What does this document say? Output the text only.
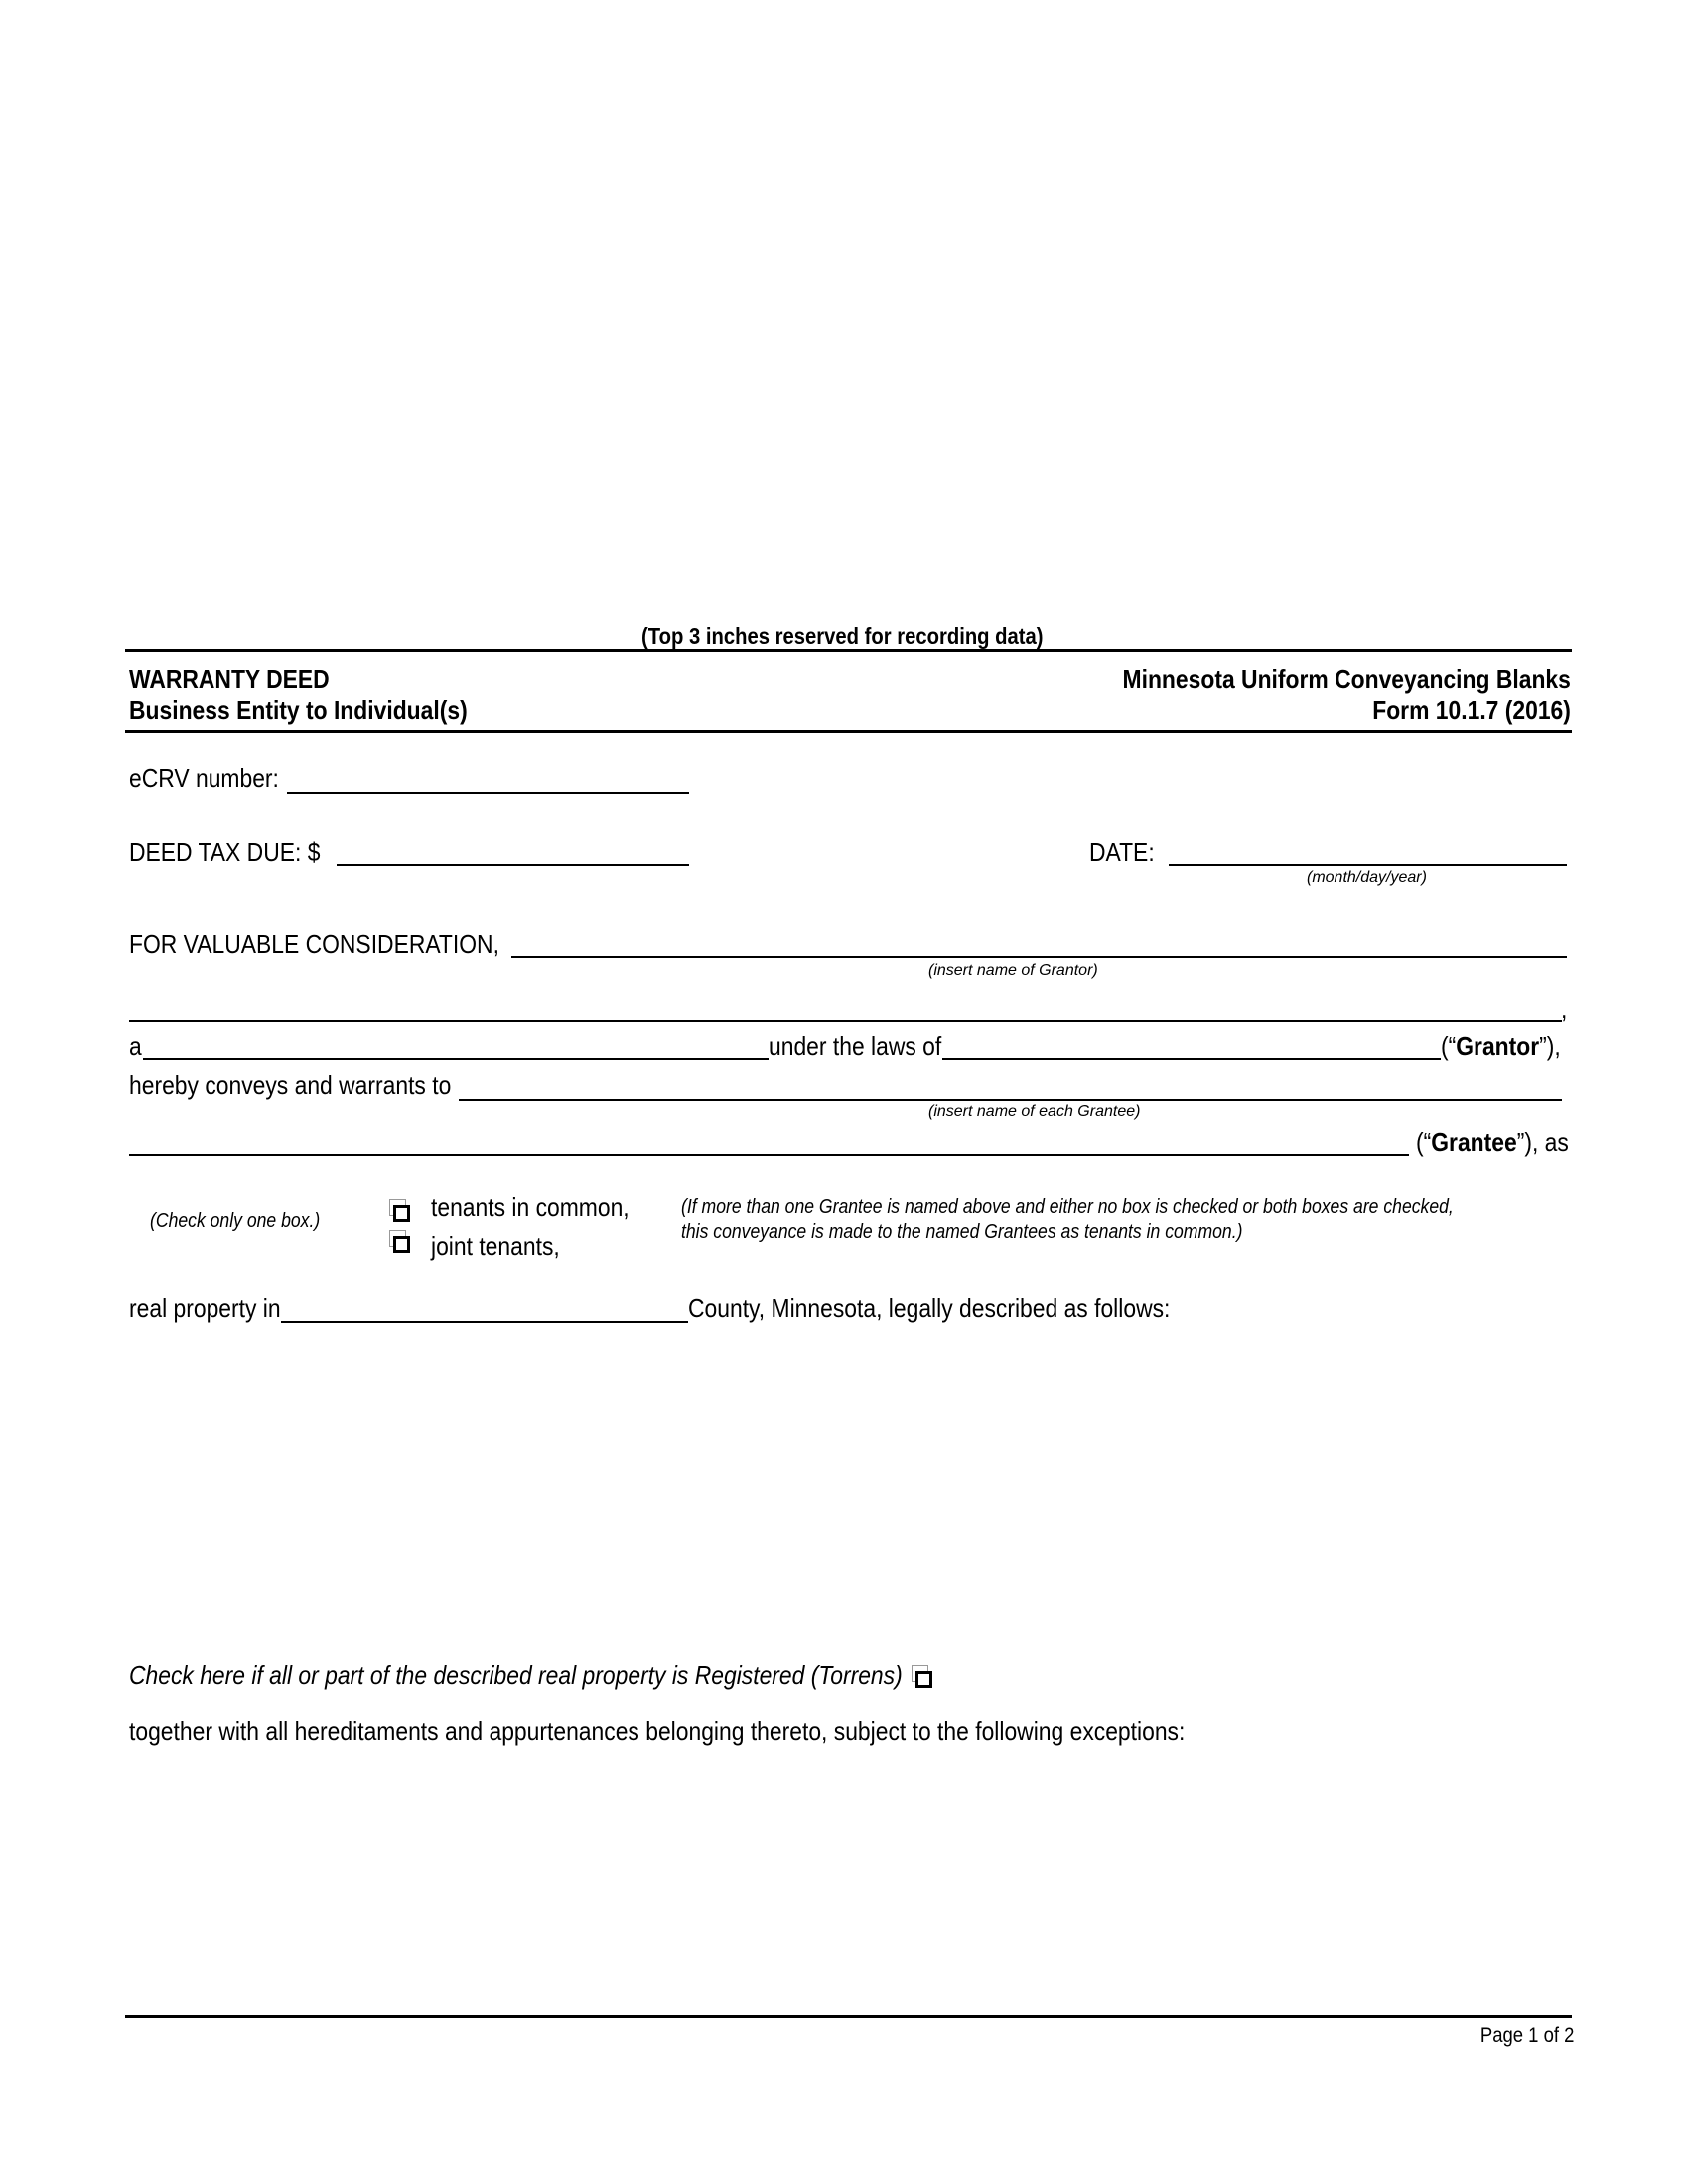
(Top 3 inches reserved for recording data)
WARRANTY DEED
Business Entity to Individual(s)
Minnesota Uniform Conveyancing Blanks
Form 10.1.7 (2016)
eCRV number:
DEED TAX DUE: $	DATE:
(month/day/year)
FOR VALUABLE CONSIDERATION,
(insert name of Grantor)
,
a	under the laws of	(“Grantor”),
hereby conveys and warrants to
(insert name of each Grantee)
(“Grantee”), as
(Check only one box.)	tenants in common,
joint tenants,
(If more than one Grantee is named above and either no box is checked or both boxes are checked,
this conveyance is made to the named Grantees as tenants in common.)
real property in	County, Minnesota, legally described as follows:
Check here if all or part of the described real property is Registered (Torrens)
together with all hereditaments and appurtenances belonging thereto, subject to the following exceptions:
Page 1 of 2
